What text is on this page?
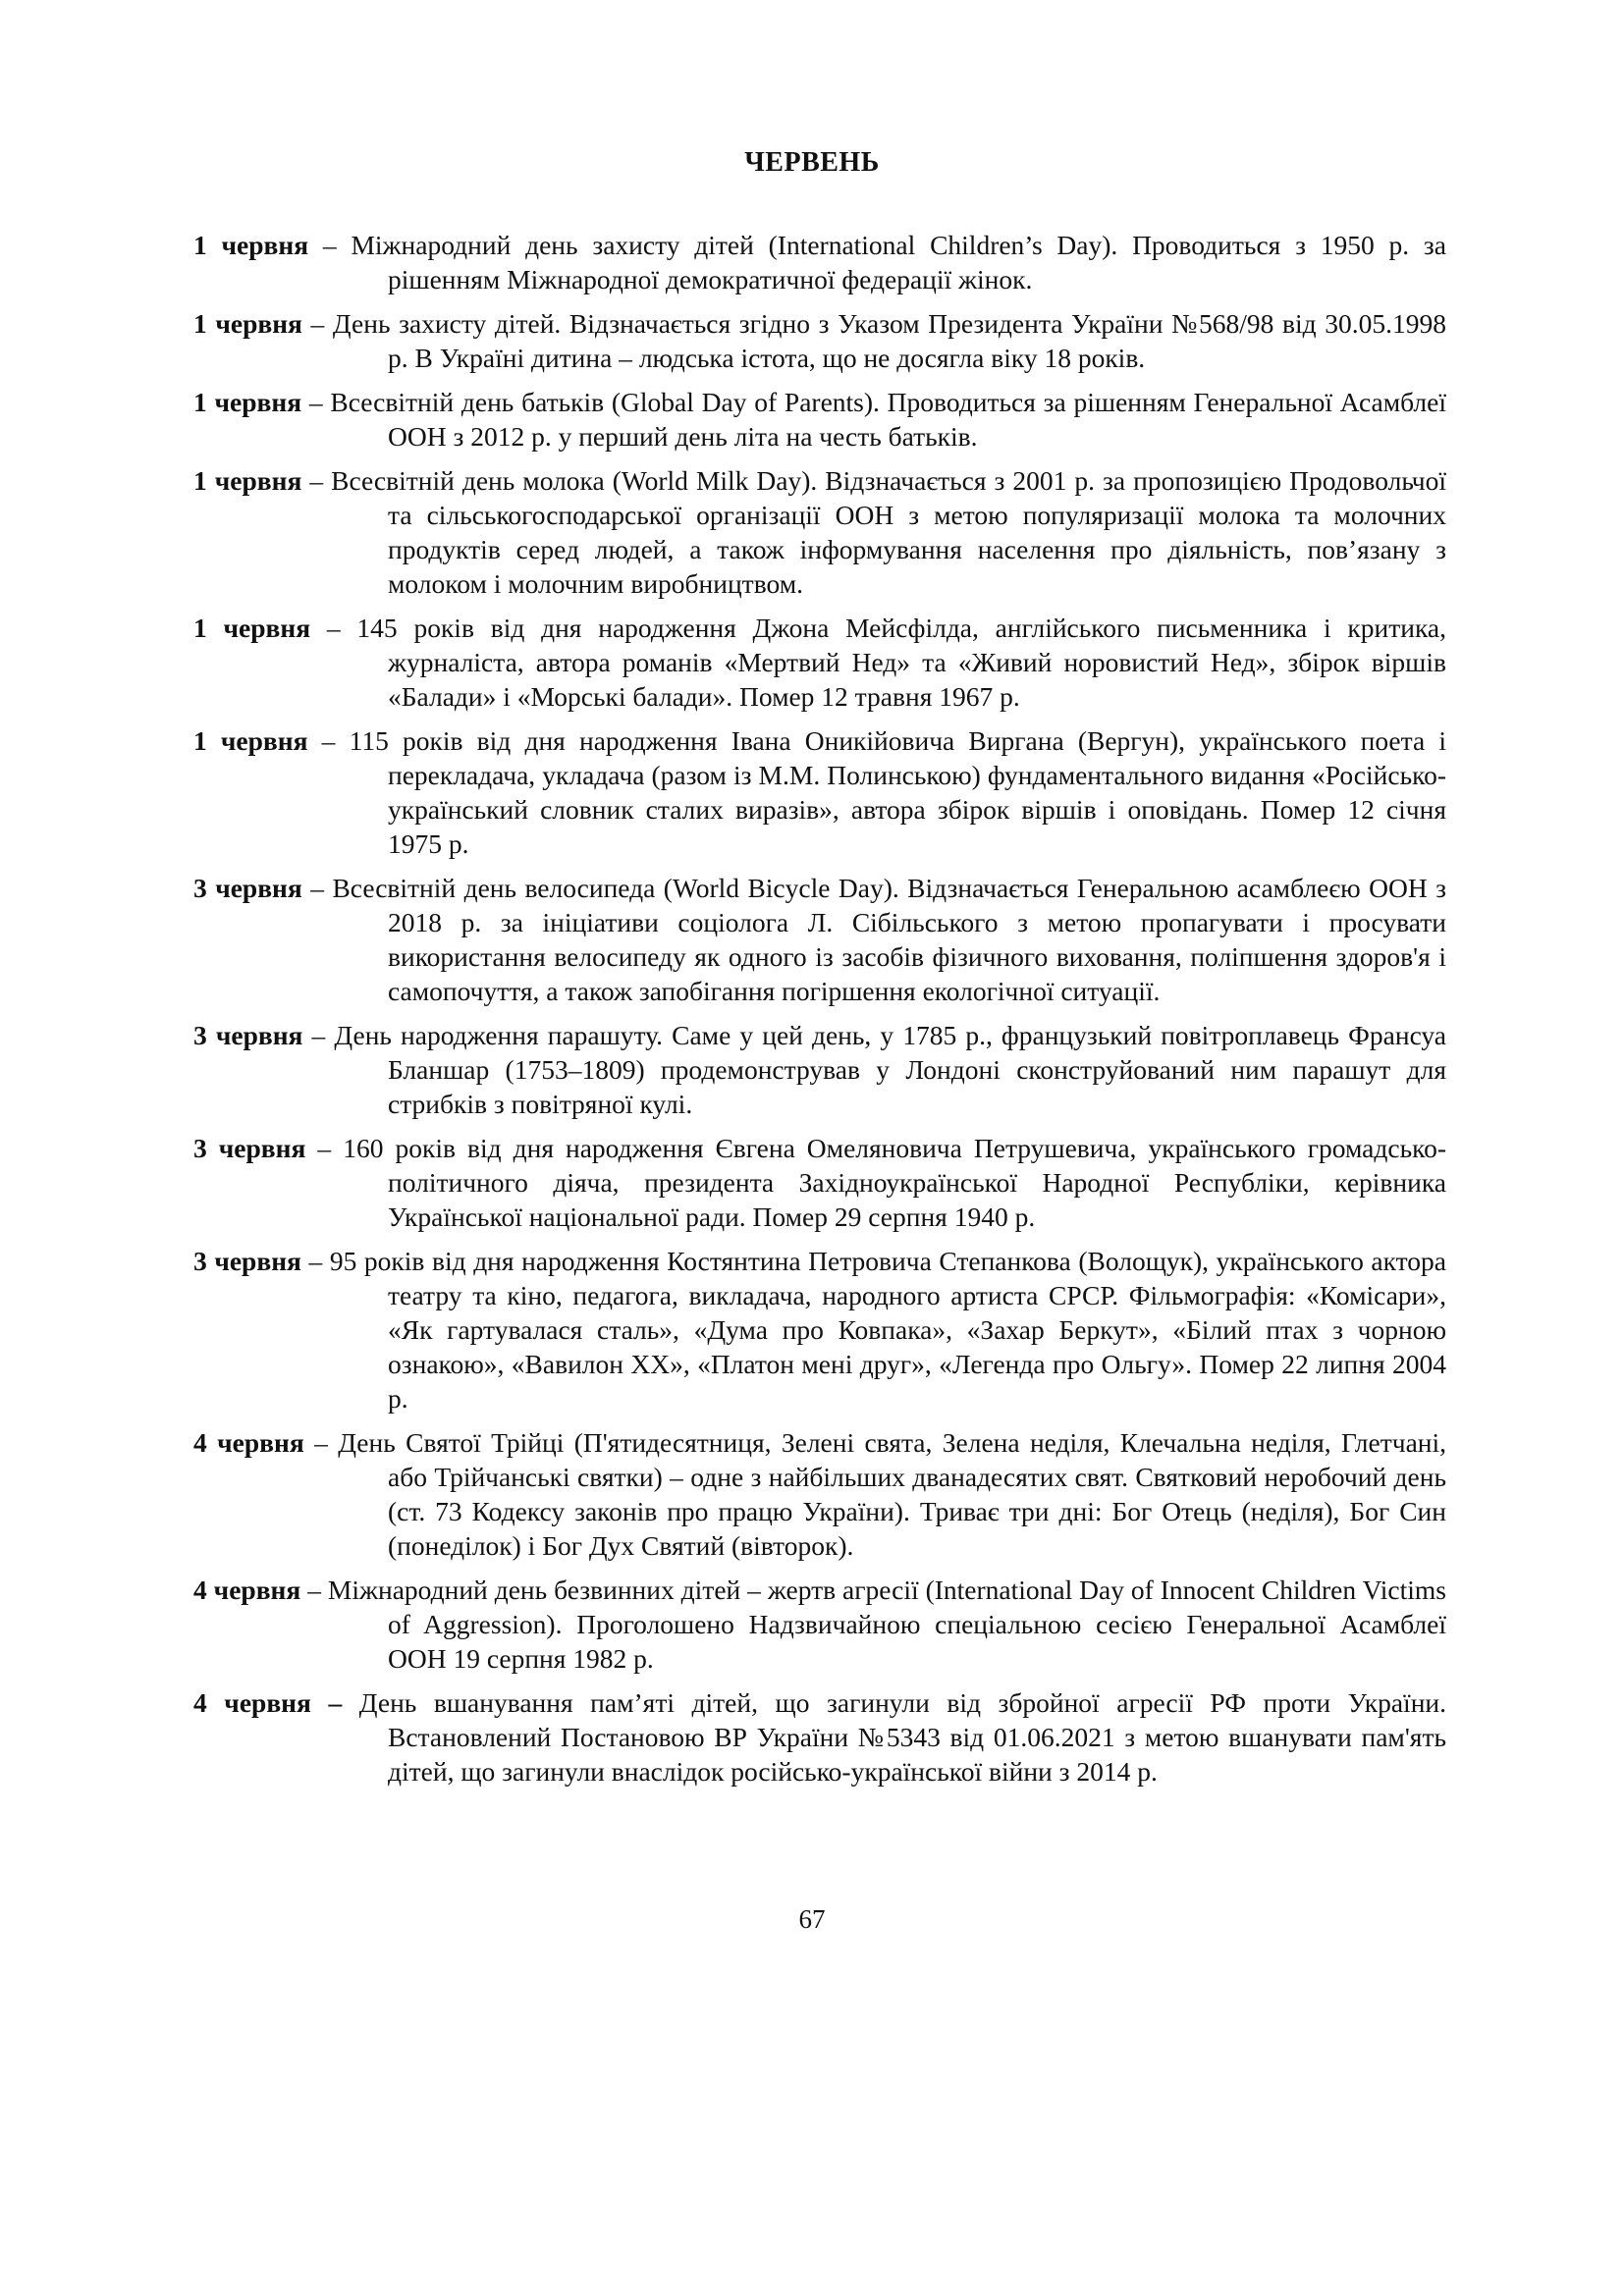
ЧЕРВЕНЬ
1 червня – Міжнародний день захисту дітей (International Children’s Day). Проводиться з 1950 р. за рішенням Міжнародної демократичної федерації жінок.
1 червня – День захисту дітей. Відзначається згідно з Указом Президента України №568/98 від 30.05.1998 р. В Україні дитина – людська істота, що не досягла віку 18 років.
1 червня – Всесвітній день батьків (Global Day of Parents). Проводиться за рішенням Генеральної Асамблеї ООН з 2012 р. у перший день літа на честь батьків.
1 червня – Всесвітній день молока (World Milk Day). Відзначається з 2001 р. за пропозицією Продовольчої та сільськогосподарської організації ООН з метою популяризації молока та молочних продуктів серед людей, а також інформування населення про діяльність, пов’язану з молоком і молочним виробництвом.
1 червня – 145 років від дня народження Джона Мейсфілда, англійського письменника і критика, журналіста, автора романів «Мертвий Нед» та «Живий норовистий Нед», збірок віршів «Балади» і «Морські балади». Помер 12 травня 1967 р.
1 червня – 115 років від дня народження Івана Оникійовича Виргана (Вергун), українського поета і перекладача, укладача (разом із М.М. Полинською) фундаментального видання «Російсько-український словник сталих виразів», автора збірок віршів і оповідань. Помер 12 січня 1975 р.
3 червня – Всесвітній день велосипеда (World Bicycle Day). Відзначається Генеральною асамблеєю ООН з 2018 р. за ініціативи соціолога Л. Сібільського з метою пропагувати і просувати використання велосипеду як одного із засобів фізичного виховання, поліпшення здоров'я і самопочуття, а також запобігання погіршення екологічної ситуації.
3 червня – День народження парашуту. Саме у цей день, у 1785 р., французький повітроплавець Франсуа Бланшар (1753–1809) продемонстрував у Лондоні сконструйований ним парашут для стрибків з повітряної кулі.
3 червня – 160 років від дня народження Євгена Омеляновича Петрушевича, українського громадсько-політичного діяча, президента Західноукраїнської Народної Республіки, керівника Української національної ради. Помер 29 серпня 1940 р.
3 червня – 95 років від дня народження Костянтина Петровича Степанкова (Волощук), українського актора театру та кіно, педагога, викладача, народного артиста СРСР. Фільмографія: «Комісари», «Як гартувалася сталь», «Дума про Ковпака», «Захар Беркут», «Білий птах з чорною ознакою», «Вавилон ХХ», «Платон мені друг», «Легенда про Ольгу». Помер 22 липня 2004 р.
4 червня – День Святої Трійці (П'ятидесятниця, Зелені свята, Зелена неділя, Клечальна неділя, Глетчані, або Трійчанські святки) – одне з найбільших дванадесятих свят. Святковий неробочий день (ст. 73 Кодексу законів про працю України). Триває три дні: Бог Отець (неділя), Бог Син (понеділок) і Бог Дух Святий (вівторок).
4 червня – Міжнародний день безвинних дітей – жертв агресії (International Day of Innocent Children Victims of Aggression). Проголошено Надзвичайною спеціальною сесією Генеральної Асамблеї ООН 19 серпня 1982 р.
4 червня – День вшанування пам’яті дітей, що загинули від збройної агресії РФ проти України. Встановлений Постановою ВР України №5343 від 01.06.2021 з метою вшанувати пам'ять дітей, що загинули внаслідок російсько-української війни з 2014 р.
67
